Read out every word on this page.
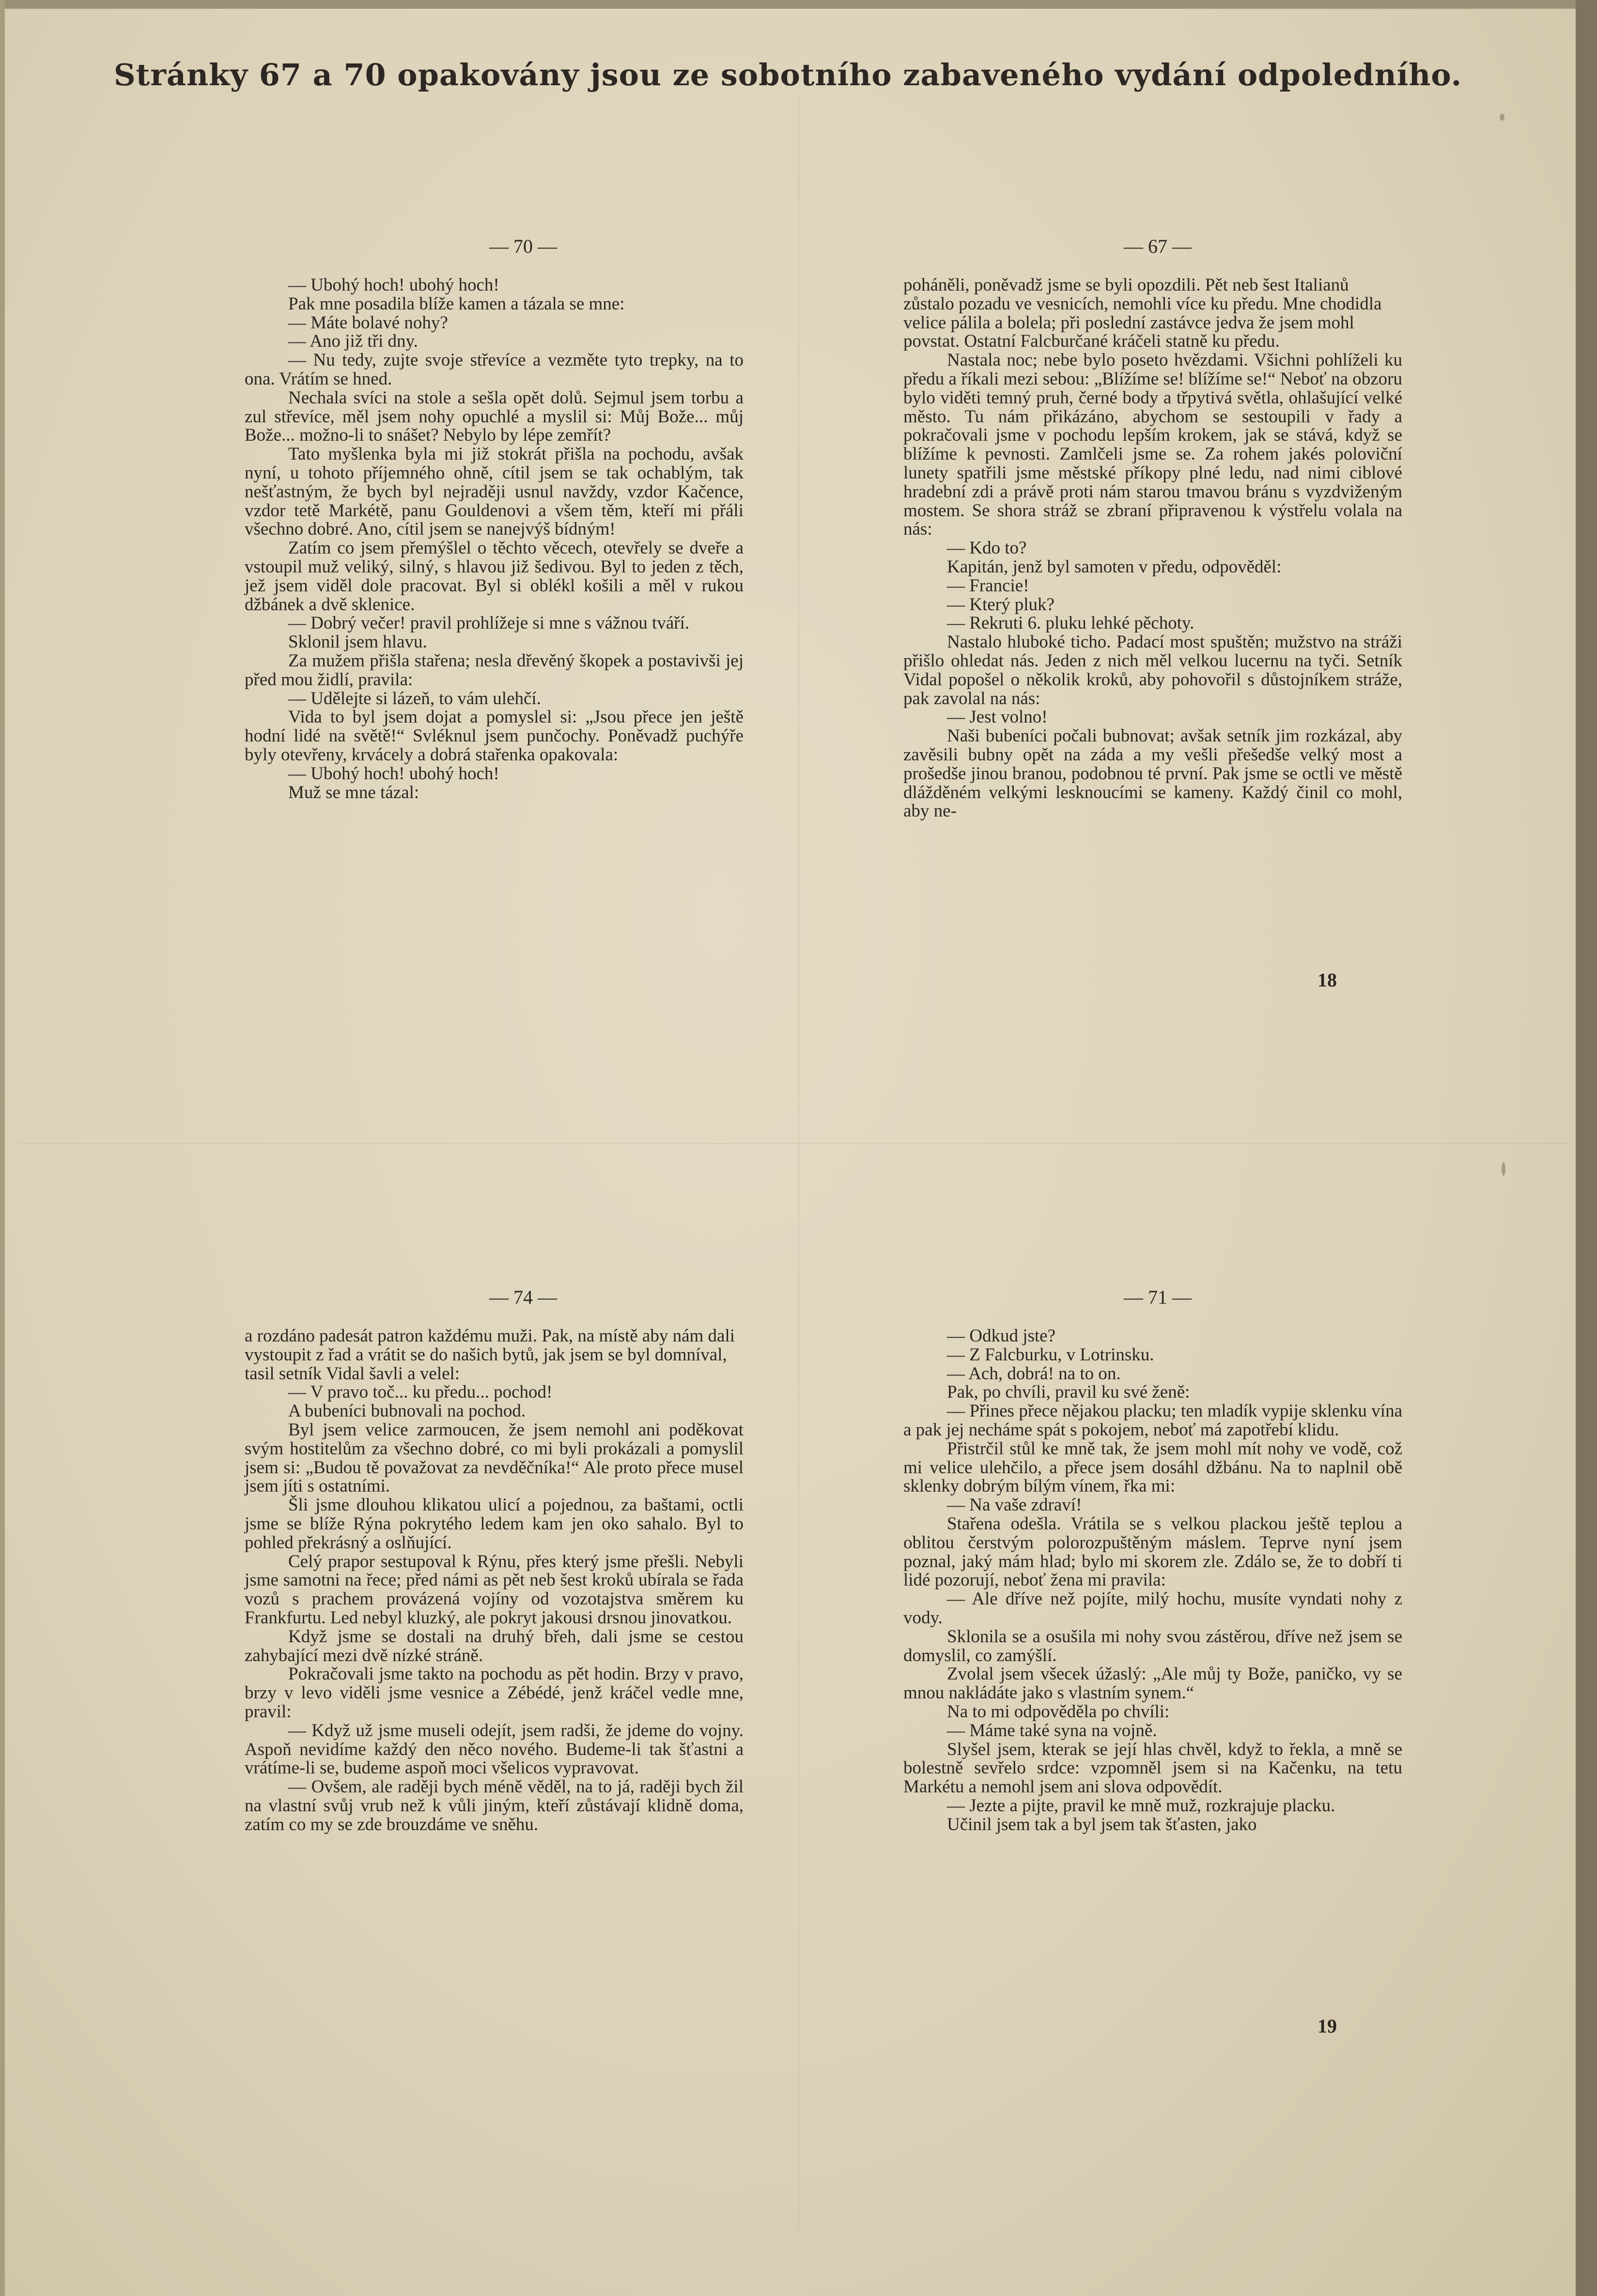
Stránky 67 a 70 opakovány jsou ze sobotního zabaveného vydání odpoledního.
— 70 —

— Ubohý hoch! ubohý hoch!

Pak mne posadila blíže kamen a tázala se mne:

— Máte bolavé nohy?

— Ano již tři dny.

— Nu tedy, zujte svoje střevíce a vezměte tyto trepky, na to ona. Vrátím se hned.

Nechala svíci na stole a sešla opět dolů. Sejmul jsem torbu a zul střevíce, měl jsem nohy opuchlé a myslil si: Můj Bože... můj Bože... možno-li to snášet? Nebylo by lépe zemřít?

Tato myšlenka byla mi již stokrát přišla na pochodu, avšak nyní, u tohoto příjemného ohně, cítil jsem se tak ochablým, tak nešťastným, že bych byl nejraději usnul navždy, vzdor Kačence, vzdor tetě Markétě, panu Gouldenovi a všem těm, kteří mi přáli všechno dobré. Ano, cítil jsem se nanejvýš bídným!

Zatím co jsem přemýšlel o těchto věcech, otevřely se dveře a vstoupil muž veliký, silný, s hlavou již šedivou. Byl to jeden z těch, jež jsem viděl dole pracovat. Byl si oblékl košili a měl v rukou džbánek a dvě sklenice.

— Dobrý večer! pravil prohlížeje si mne s vážnou tváří.

Sklonil jsem hlavu.

Za mužem přišla stařena; nesla dřevěný škopek a postavivši jej před mou židlí, pravila:

— Udělejte si lázeň, to vám ulehčí.

Vida to byl jsem dojat a pomyslel si: „Jsou přece jen ještě hodní lidé na světě!“ Svléknul jsem punčochy. Poněvadž puchýře byly otevřeny, krvácely a dobrá stařenka opakovala:

— Ubohý hoch! ubohý hoch!

Muž se mne tázal:

— 67 —

poháněli, poněvadž jsme se byli opozdili. Pět neb šest Italianů zůstalo pozadu ve vesnicích, nemohli více ku předu. Mne chodidla velice pálila a bolela; při poslední zastávce jedva že jsem mohl povstat. Ostatní Falcburčané kráčeli statně ku předu.

Nastala noc; nebe bylo poseto hvězdami. Všichni pohlíželi ku předu a říkali mezi sebou: „Blížíme se! blížíme se!“ Neboť na obzoru bylo viděti temný pruh, černé body a třpytivá světla, ohlašující velké město. Tu nám přikázáno, abychom se sestoupili v řady a pokračovali jsme v pochodu lepším krokem, jak se stává, když se blížíme k pevnosti. Zamlčeli jsme se. Za rohem jakés poloviční lunety spatřili jsme městské příkopy plné ledu, nad nimi ciblové hradební zdi a právě proti nám starou tmavou bránu s vyzdviženým mostem. Se shora stráž se zbraní připravenou k výstřelu volala na nás:

— Kdo to?

Kapitán, jenž byl samoten v předu, odpověděl:

— Francie!

— Který pluk?

— Rekruti 6. pluku lehké pěchoty.

Nastalo hluboké ticho. Padací most spuštěn; mužstvo na stráži přišlo ohledat nás. Jeden z nich měl velkou lucernu na tyči. Setník Vidal popošel o několik kroků, aby pohovořil s důstojníkem stráže, pak zavolal na nás:

— Jest volno!

Naši bubeníci počali bubnovat; avšak setník jim rozkázal, aby zavěsili bubny opět na záda a my vešli přešedše velký most a prošedše jinou branou, podobnou té první. Pak jsme se octli ve městě dlážděném velkými lesknoucími se kameny. Každý činil co mohl, aby ne-

18
— 74 —

a rozdáno padesát patron každému muži. Pak, na místě aby nám dali vystoupit z řad a vrátit se do našich bytů, jak jsem se byl domníval, tasil setník Vidal šavli a velel:

— V pravo toč... ku předu... pochod!

A bubeníci bubnovali na pochod.

Byl jsem velice zarmoucen, že jsem nemohl ani poděkovat svým hostitelům za všechno dobré, co mi byli prokázali a pomyslil jsem si: „Budou tě považovat za nevděčníka!“ Ale proto přece musel jsem jíti s ostatními.

Šli jsme dlouhou klikatou ulicí a pojednou, za baštami, octli jsme se blíže Rýna pokrytého ledem kam jen oko sahalo. Byl to pohled překrásný a oslňující.

Celý prapor sestupoval k Rýnu, přes který jsme přešli. Nebyli jsme samotni na řece; před námi as pět neb šest kroků ubírala se řada vozů s prachem provázená vojíny od vozotajstva směrem ku Frankfurtu. Led nebyl kluzký, ale pokryt jakousi drsnou jinovatkou.

Když jsme se dostali na druhý břeh, dali jsme se cestou zahybající mezi dvě nízké stráně.

Pokračovali jsme takto na pochodu as pět hodin. Brzy v pravo, brzy v levo viděli jsme vesnice a Zébédé, jenž kráčel vedle mne, pravil:

— Když už jsme museli odejít, jsem radši, že jdeme do vojny. Aspoň nevidíme každý den něco nového. Budeme-li tak šťastni a vrátíme-li se, budeme aspoň moci všelicos vypravovat.

— Ovšem, ale raději bych méně věděl, na to já, raději bych žil na vlastní svůj vrub než k vůli jiným, kteří zůstávají klidně doma, zatím co my se zde brouzdáme ve sněhu.

— 71 —

— Odkud jste?

— Z Falcburku, v Lotrinsku.

— Ach, dobrá! na to on.

Pak, po chvíli, pravil ku své ženě:

— Přines přece nějakou placku; ten mladík vypije sklenku vína a pak jej necháme spát s pokojem, neboť má zapotřebí klidu.

Přistrčil stůl ke mně tak, že jsem mohl mít nohy ve vodě, což mi velice ulehčilo, a přece jsem dosáhl džbánu. Na to naplnil obě sklenky dobrým bílým vínem, řka mi:

— Na vaše zdraví!

Stařena odešla. Vrátila se s velkou plackou ještě teplou a oblitou čerstvým polorozpuštěným máslem. Teprve nyní jsem poznal, jaký mám hlad; bylo mi skorem zle. Zdálo se, že to dobří ti lidé pozorují, neboť žena mi pravila:

— Ale dříve než pojíte, milý hochu, musíte vyndati nohy z vody.

Sklonila se a osušila mi nohy svou zástěrou, dříve než jsem se domyslil, co zamýšlí.

Zvolal jsem všecek úžaslý: „Ale můj ty Bože, paničko, vy se mnou nakládáte jako s vlastním synem.“

Na to mi odpověděla po chvíli:

— Máme také syna na vojně.

Slyšel jsem, kterak se její hlas chvěl, když to řekla, a mně se bolestně sevřelo srdce: vzpomněl jsem si na Kačenku, na tetu Markétu a nemohl jsem ani slova odpovědít.

— Jezte a pijte, pravil ke mně muž, rozkrajuje placku.

Učinil jsem tak a byl jsem tak šťasten, jako

19
